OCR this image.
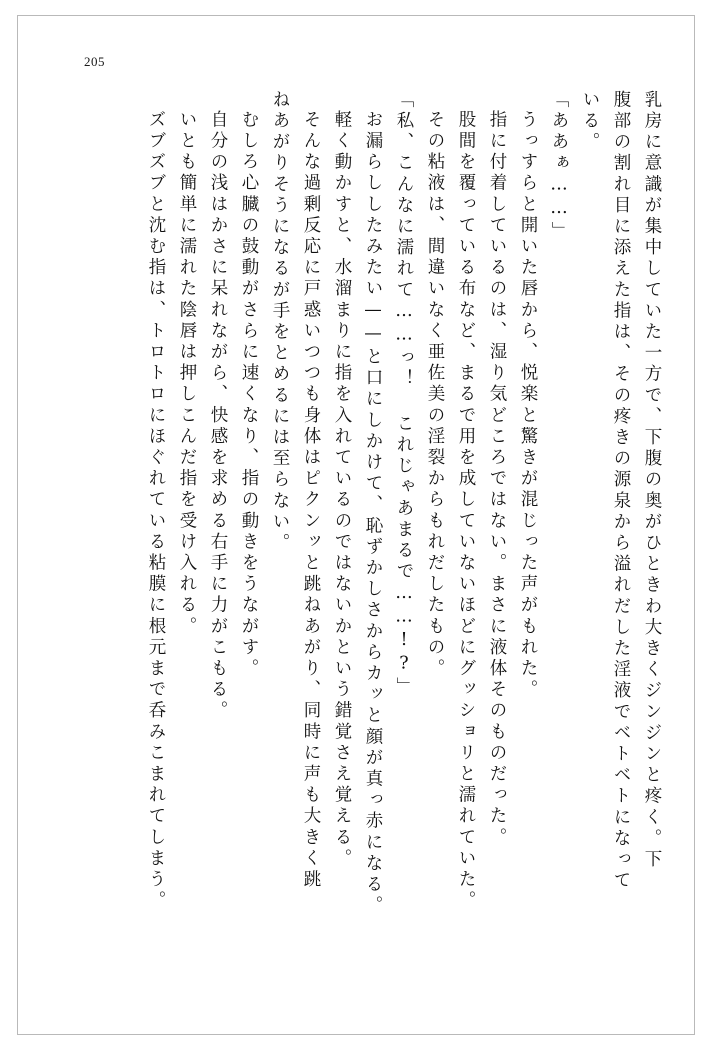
205
乳房に意識が集中していた一方で、下腹の奥がひときわ大きくジンジンと疼く。下
腹部の割れ目に添えた指は、その疼きの源泉から溢れだした淫液でベトベトになって
いる。
「ああぁ……」
うっすらと開いた唇から、悦楽と驚きが混じった声がもれた。
指に付着しているのは、湿り気どころではない。まさに液体そのものだった。
股間を覆っている布など、まるで用を成していないほどにグッショリと濡れていた。
その粘液は、間違いなく亜佐美の淫裂からもれだしたもの。
「私、こんなに濡れて……っ！ これじゃあまるで……!?」
お漏らししたみたい——と口にしかけて、恥ずかしさからカッと顔が真っ赤になる。
軽く動かすと、水溜まりに指を入れているのではないかという錯覚さえ覚える。
そんな過剰反応に戸惑いつつも身体はピクンッと跳ねあがり、同時に声も大きく跳
ねあがりそうになるが手をとめるには至らない。
むしろ心臓の鼓動がさらに速くなり、指の動きをうながす。
自分の浅はかさに呆れながら、快感を求める右手に力がこもる。
いとも簡単に濡れた陰唇は押しこんだ指を受け入れる。
ズブズブと沈む指は、トロトロにほぐれている粘膜に根元まで呑みこまれてしまう。
